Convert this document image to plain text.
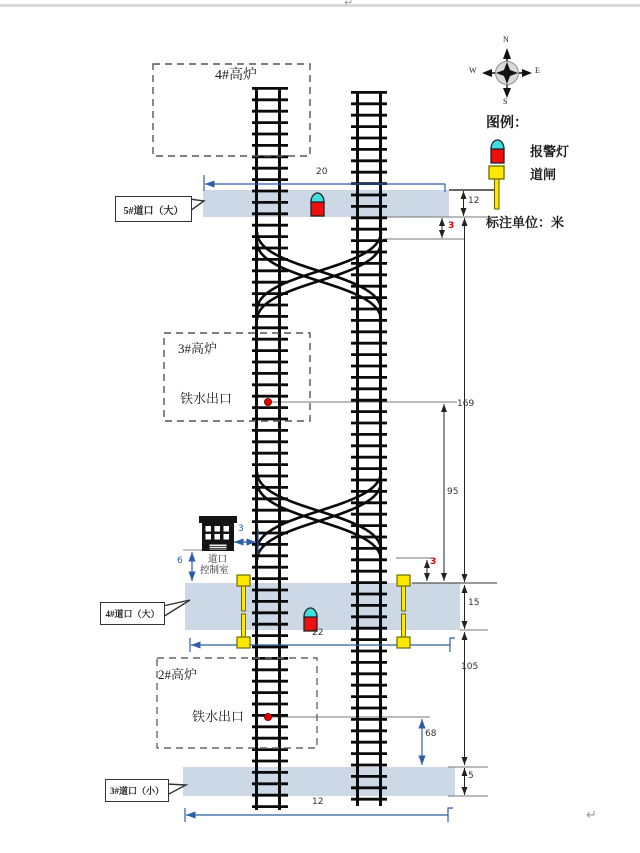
↵
↵
N
W	E
S
图例：
报警灯
道闸
标注单位：米
4#高炉
3#高炉
铁水出口
2#高炉
铁水出口
道口
控制室
5#道口（大）
4#道口（大）
3#道口（小）
20
12
3
169
95
3
15
22
3
6
105
68
5
12
